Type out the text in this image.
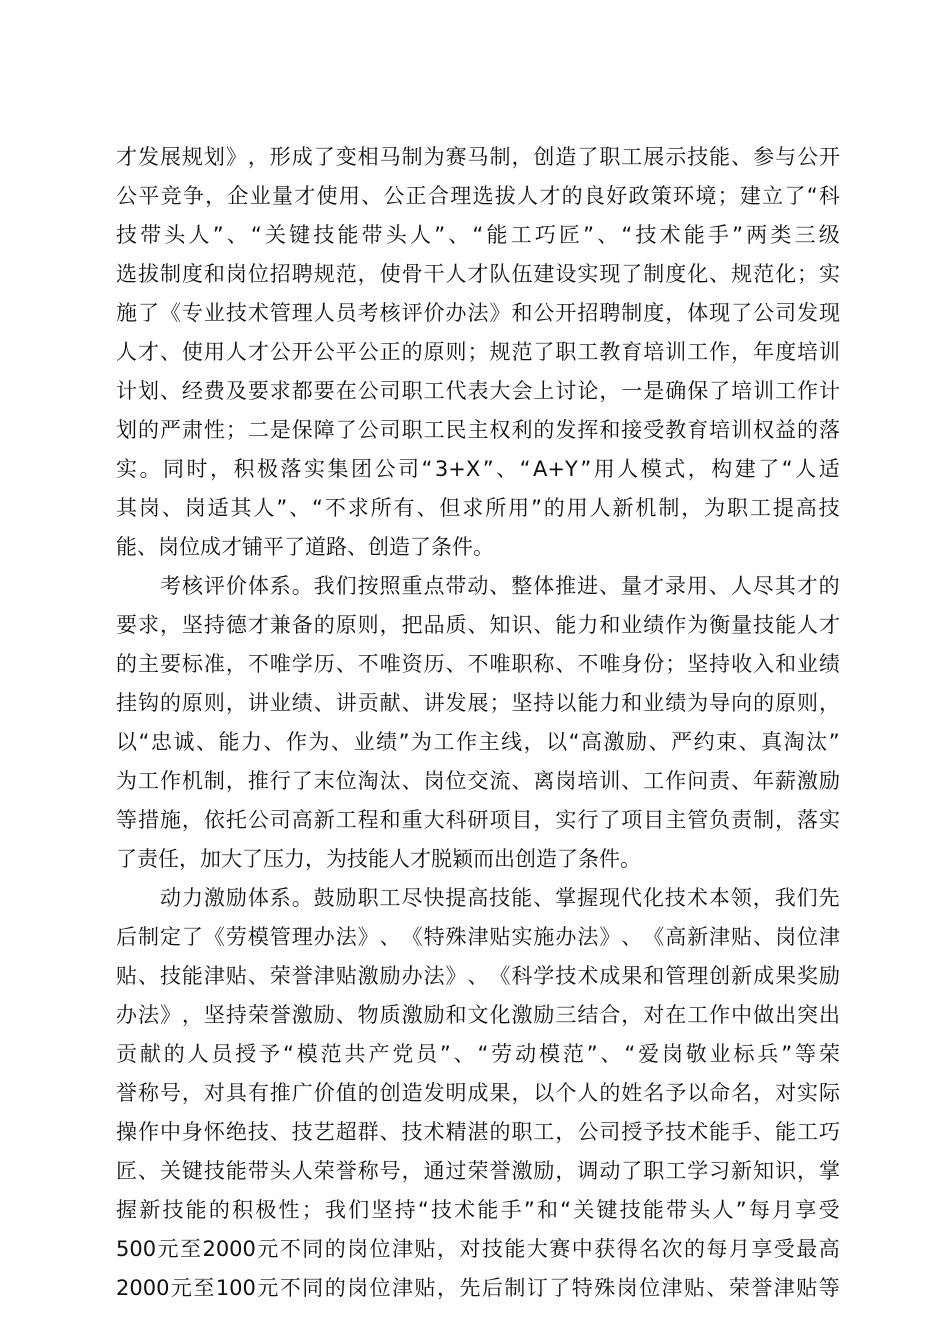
才 发 展 规 划 》 ， 形 成 了 变 相 马 制 为 赛 马 制 ， 创 造 了 职 工 展 示 技 能 、 参 与 公 开
公 平 竞 争 ， 企 业 量 才 使 用 、 公 正 合 理 选 拔 人 才 的 良 好 政 策 环 境 ； 建 立 了 “ 科
技 带 头 人 ” 、 “ 关 键 技 能 带 头 人 ” 、 “ 能 工 巧 匠 ” 、 “ 技 术 能 手 ” 两 类 三 级
选 拔 制 度 和 岗 位 招 聘 规 范 ， 使 骨 干 人 才 队 伍 建 设 实 现 了 制 度 化 、 规 范 化 ； 实
施 了 《 专 业 技 术 管 理 人 员 考 核 评 价 办 法 》 和 公 开 招 聘 制 度 ， 体 现 了 公 司 发 现
人 才 、 使 用 人 才 公 开 公 平 公 正 的 原 则 ； 规 范 了 职 工 教 育 培 训 工 作 ， 年 度 培 训
计 划 、 经 费 及 要 求 都 要 在 公 司 职 工 代 表 大 会 上 讨 论 ， 一 是 确 保 了 培 训 工 作 计
划 的 严 肃 性 ； 二 是 保 障 了 公 司 职 工 民 主 权 利 的 发 挥 和 接 受 教 育 培 训 权 益 的 落
实 。 同 时 ， 积 极 落 实 集 团 公 司 “ 3+X ” 、 “ A+Y ” 用 人 模 式 ， 构 建 了 “ 人 适
其 岗 、 岗 适 其 人 ” 、 “ 不 求 所 有 、 但 求 所 用 ” 的 用 人 新 机 制 ， 为 职 工 提 高 技
能、岗位成才铺平了道路、创造了条件。
考 核 评 价 体 系 。 我 们 按 照 重 点 带 动 、 整 体 推 进 、 量 才 录 用 、 人 尽 其 才 的
要 求 ， 坚 持 德 才 兼 备 的 原 则 ， 把 品 质 、 知 识 、 能 力 和 业 绩 作 为 衡 量 技 能 人 才
的 主 要 标 准 ， 不 唯 学 历 、 不 唯 资 历 、 不 唯 职 称 、 不 唯 身 份 ； 坚 持 收 入 和 业 绩
挂 钩 的 原 则 ， 讲 业 绩 、 讲 贡 献 、 讲 发 展 ； 坚 持 以 能 力 和 业 绩 为 导 向 的 原 则 ，
以 “ 忠 诚 、 能 力 、 作 为 、 业 绩 ” 为 工 作 主 线 ， 以 “ 高 激 励 、 严 约 束 、 真 淘 汰 ”
为 工 作 机 制 ， 推 行 了 末 位 淘 汰 、 岗 位 交 流 、 离 岗 培 训 、 工 作 问 责 、 年 薪 激 励
等 措 施 ， 依 托 公 司 高 新 工 程 和 重 大 科 研 项 目 ， 实 行 了 项 目 主 管 负 责 制 ， 落 实
了责任，加大了压力，为技能人才脱颖而出创造了条件。
动 力 激 励 体 系 。 鼓 励 职 工 尽 快 提 高 技 能 、 掌 握 现 代 化 技 术 本 领 ， 我 们 先
后 制 定 了 《 劳 模 管 理 办 法 》 、 《 特 殊 津 贴 实 施 办 法 》 、 《 高 新 津 贴 、 岗 位 津
贴 、 技 能 津 贴 、 荣 誉 津 贴 激 励 办 法 》 、 《 科 学 技 术 成 果 和 管 理 创 新 成 果 奖 励
办 法 》 ， 坚 持 荣 誉 激 励 、 物 质 激 励 和 文 化 激 励 三 结 合 ， 对 在 工 作 中 做 出 突 出
贡 献 的 人 员 授 予 “ 模 范 共 产 党 员 ” 、 “ 劳 动 模 范 ” 、 “ 爱 岗 敬 业 标 兵 ” 等 荣
誉 称 号 ， 对 具 有 推 广 价 值 的 创 造 发 明 成 果 ， 以 个 人 的 姓 名 予 以 命 名 ， 对 实 际
操 作 中 身 怀 绝 技 、 技 艺 超 群 、 技 术 精 湛 的 职 工 ， 公 司 授 予 技 术 能 手 、 能 工 巧
匠 、 关 键 技 能 带 头 人 荣 誉 称 号 ， 通 过 荣 誉 激 励 ， 调 动 了 职 工 学 习 新 知 识 ， 掌
握 新 技 能 的 积 极 性 ； 我 们 坚 持 “ 技 术 能 手 ” 和 “ 关 键 技 能 带 头 人 ” 每 月 享 受
500 元 至 2000 元 不 同 的 岗 位 津 贴 ， 对 技 能 大 赛 中 获 得 名 次 的 每 月 享 受 最 高
2000 元 至 100 元 不 同 的 岗 位 津 贴 ， 先 后 制 订 了 特 殊 岗 位 津 贴 、 荣 誉 津 贴 等
